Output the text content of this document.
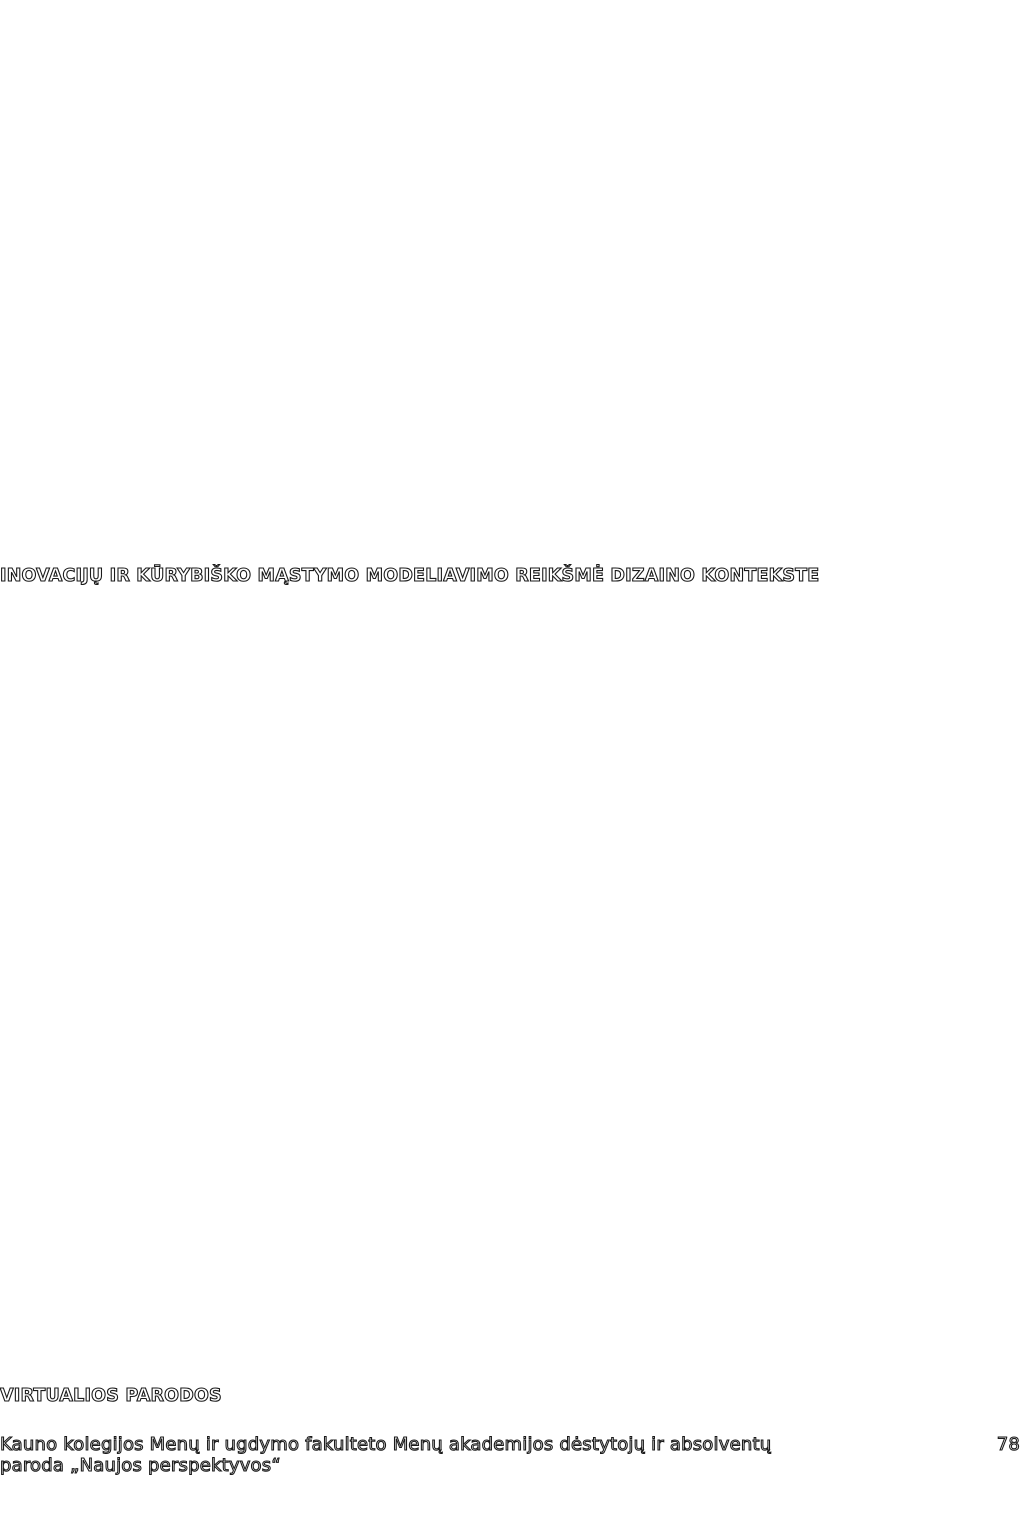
INOVACIJŲ IR KŪRYBIŠKO MĄSTYMO MODELIAVIMO REIKŠMĖ DIZAINO KONTEKSTE
VIRTUALIOS PARODOS
Kauno kolegijos Menų ir ugdymo fakulteto Menų akademijos dėstytojų ir absolventų
paroda „Naujos perspektyvos“
78
